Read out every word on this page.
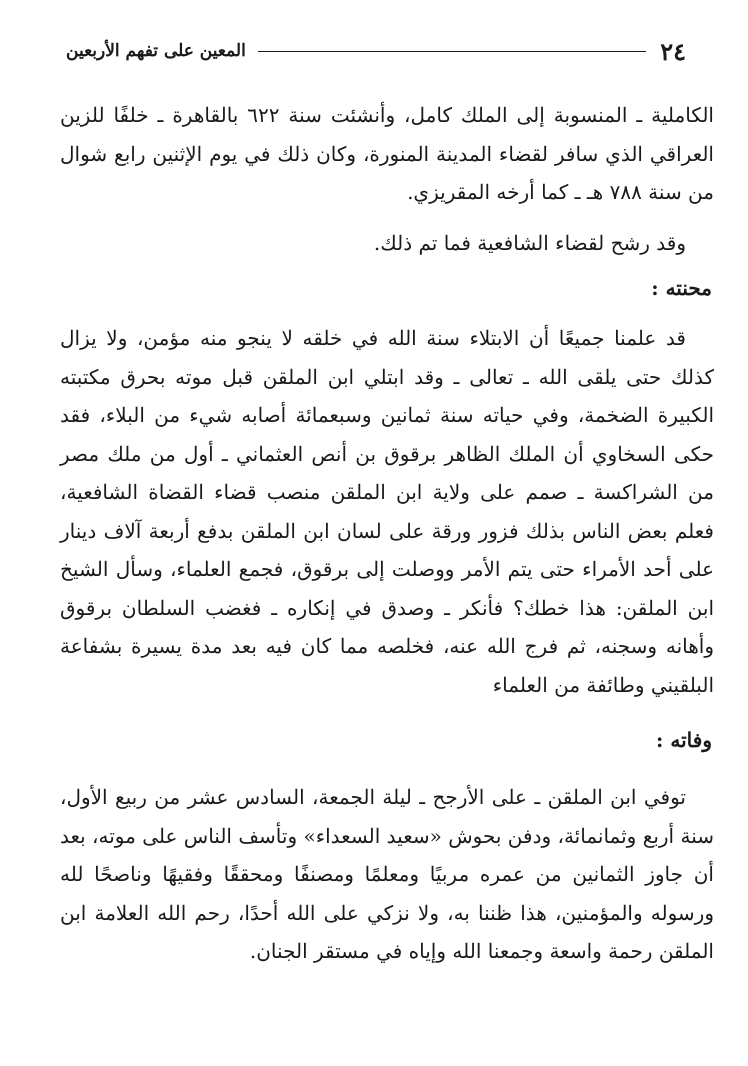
٢٤
المعين على تفهم الأربعين

الكاملية ـ المنسوبة إلى الملك كامل، وأنشئت سنة ٦٢٢ بالقاهرة ـ خلفًا للزين العراقي الذي سافر لقضاء المدينة المنورة، وكان ذلك في يوم الإثنين رابع شوال من سنة ٧٨٨ هـ ـ كما أرخه المقريزي.

وقد رشح لقضاء الشافعية فما تم ذلك.

محنته :

قد علمنا جميعًا أن الابتلاء سنة الله في خلقه لا ينجو منه مؤمن، ولا يزال كذلك حتى يلقى الله ـ تعالى ـ وقد ابتلي ابن الملقن قبل موته بحرق مكتبته الكبيرة الضخمة، وفي حياته سنة ثمانين وسبعمائة أصابه شيء من البلاء، فقد حكى السخاوي أن الملك الظاهر برقوق بن أنص العثماني ـ أول من ملك مصر من الشراكسة ـ صمم على ولاية ابن الملقن منصب قضاء القضاة الشافعية، فعلم بعض الناس بذلك فزور ورقة على لسان ابن الملقن بدفع أربعة آلاف دينار على أحد الأمراء حتى يتم الأمر ووصلت إلى برقوق، فجمع العلماء، وسأل الشيخ ابن الملقن: هذا خطك؟ فأنكر ـ وصدق في إنكاره ـ فغضب السلطان برقوق وأهانه وسجنه، ثم فرج الله عنه، فخلصه مما كان فيه بعد مدة يسيرة بشفاعة البلقيني وطائفة من العلماء

وفاته :

توفي ابن الملقن ـ على الأرجح ـ ليلة الجمعة، السادس عشر من ربيع الأول، سنة أربع وثمانمائة، ودفن بحوش «سعيد السعداء» وتأسف الناس على موته، بعد أن جاوز الثمانين من عمره مربيًا ومعلمًا ومصنفًا ومحققًا وفقيهًا وناصحًا لله ورسوله والمؤمنين، هذا ظننا به، ولا نزكي على الله أحدًا، رحم الله العلامة ابن الملقن رحمة واسعة وجمعنا الله وإياه في مستقر الجنان.
